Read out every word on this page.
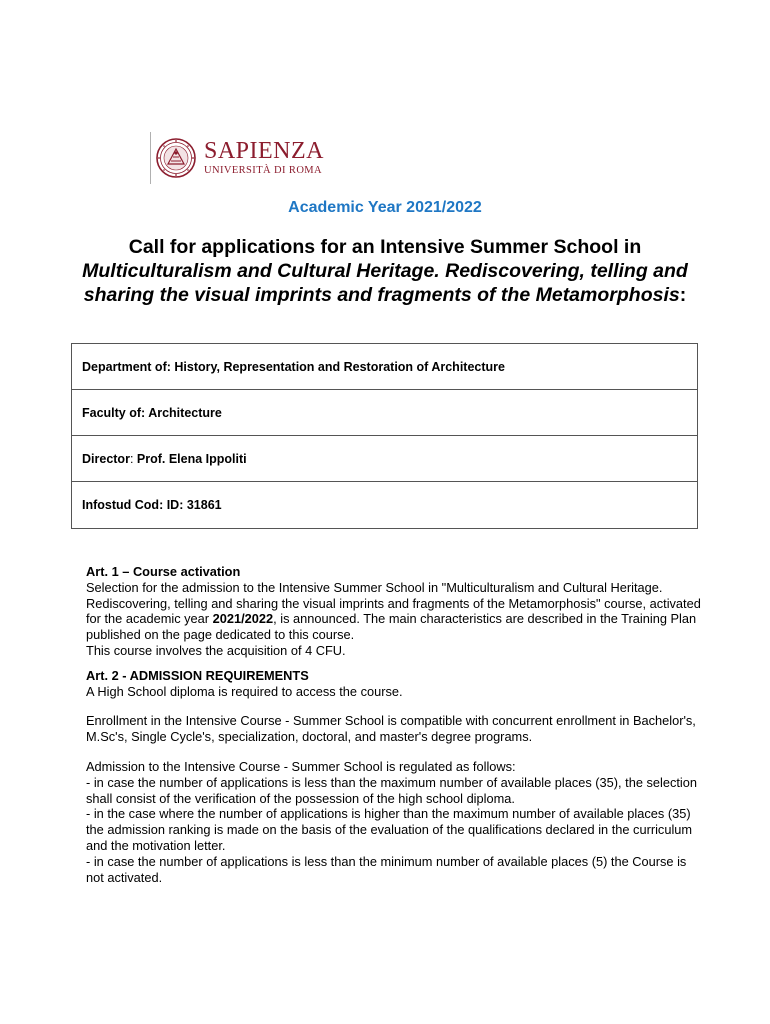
SAPIENZA
UNIVERSITÀ DI ROMA
Academic Year 2021/2022
Call for applications for an Intensive Summer School in Multiculturalism and Cultural Heritage. Rediscovering, telling and sharing the visual imprints and fragments of the Metamorphosis:
Department of: History, Representation and Restoration of Architecture
Faculty of: Architecture
Director : Prof. Elena Ippoliti
Infostud Cod: ID: 31861

Art. 1 – Course activation

Selection for the admission to the Intensive Summer School in "Multiculturalism and Cultural Heritage. Rediscovering, telling and sharing the visual imprints and fragments of the Metamorphosis" course, activated for the academic year 2021/2022, is announced. The main characteristics are described in the Training Plan published on the page dedicated to this course.

This course involves the acquisition of 4 CFU.

Art. 2 - ADMISSION REQUIREMENTS

A High School diploma is required to access the course.

Enrollment in the Intensive Course - Summer School is compatible with concurrent enrollment in Bachelor's, M.Sc's, Single Cycle's, specialization, doctoral, and master's degree programs.

Admission to the Intensive Course - Summer School is regulated as follows:

- in case the number of applications is less than the maximum number of available places (35), the selection shall consist of the verification of the possession of the high school diploma.

- in the case where the number of applications is higher than the maximum number of available places (35) the admission ranking is made on the basis of the evaluation of the qualifications declared in the curriculum and the motivation letter.

- in case the number of applications is less than the minimum number of available places (5) the Course is not activated.
